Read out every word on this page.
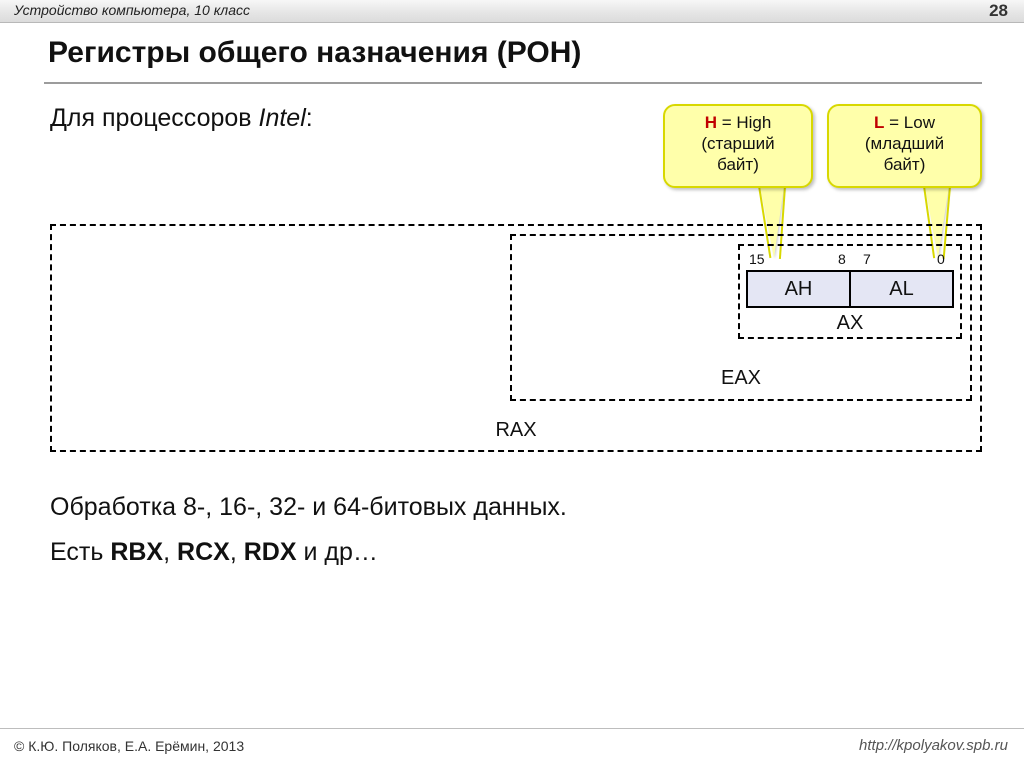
Устройство компьютера, 10 класс	28
Регистры общего назначения (РОН)
Для процессоров Intel:	H = High
(старший
байт)
L = Low
(младший
байт)
15	8 7	0
AH	AL
AX
EAX
RAX
Обработка 8-, 16-, 32- и 64-битовых данных.
Есть RBX, RCX, RDX и др…
© К.Ю. Поляков, Е.А. Ерёмин, 2013	http://kpolyakov.spb.ru
